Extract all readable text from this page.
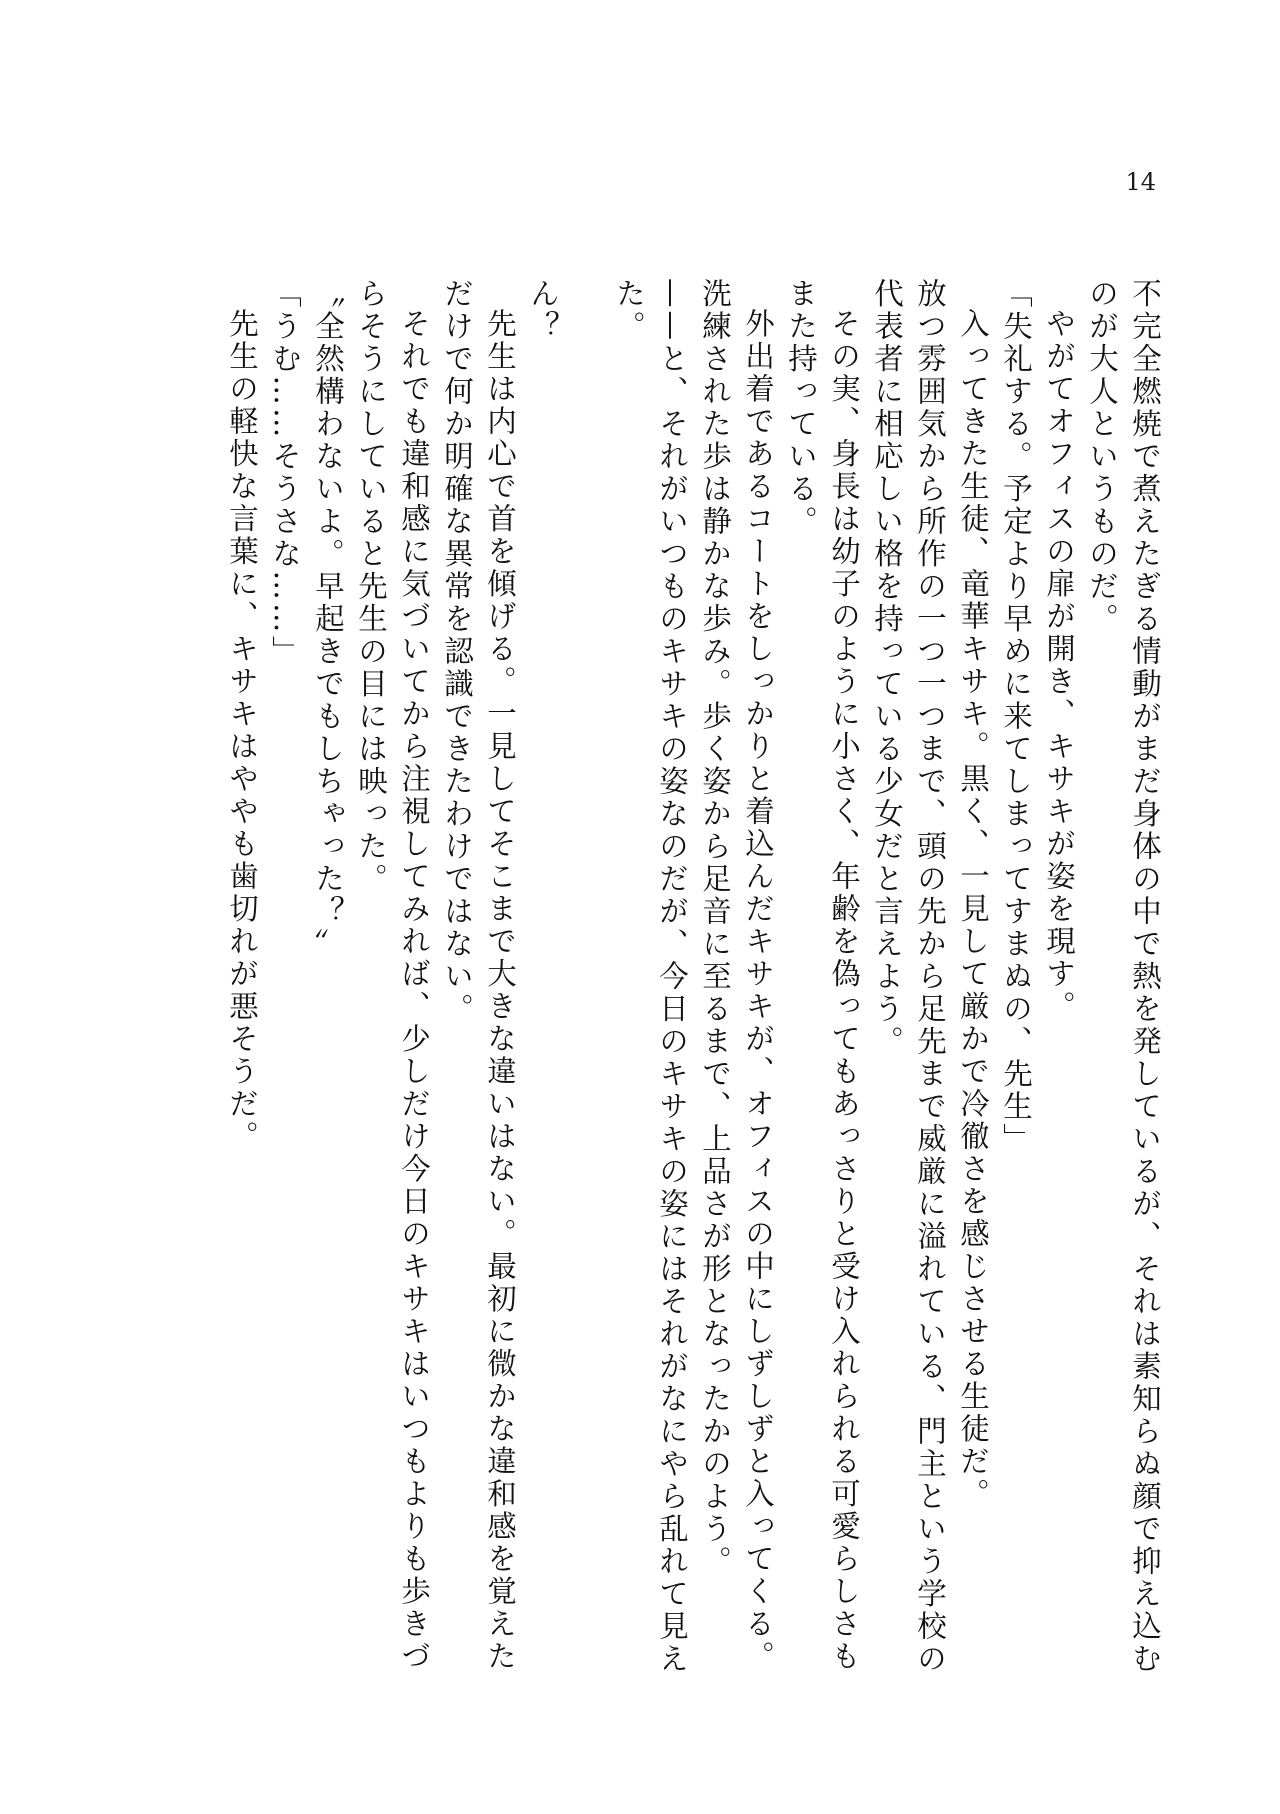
14
不完全燃焼で煮えたぎる情動がまだ身体の中で熱を発しているが、それは素知らぬ顔で抑え込むのが大人というものだ。
やがてオフィスの扉が開き、キサキが姿を現す。
「失礼する。予定より早めに来てしまってすまぬの、先生」
入ってきた生徒、竜華キサキ。黒く、一見して厳かで冷徹さを感じさせる生徒だ。
放つ雰囲気から所作の一つ一つまで、頭の先から足先まで威厳に溢れている、門主という学校の代表者に相応しい格を持っている少女だと言えよう。
その実、身長は幼子のように小さく、年齢を偽ってもあっさりと受け入れられる可愛らしさもまた持っている。
外出着であるコートをしっかりと着込んだキサキが、オフィスの中にしずしずと入ってくる。
洗練された歩は静かな歩み。歩く姿から足音に至るまで、上品さが形となったかのよう。
——と、それがいつものキサキの姿なのだが、今日のキサキの姿にはそれがなにやら乱れて見えた。
ん？
先生は内心で首を傾げる。一見してそこまで大きな違いはない。最初に微かな違和感を覚えただけで何か明確な異常を認識できたわけではない。
それでも違和感に気づいてから注視してみれば、少しだけ今日のキサキはいつもよりも歩きづらそうにしていると先生の目には映った。
〝全然構わないよ。早起きでもしちゃった？〟
「うむ……そうさな……」
先生の軽快な言葉に、キサキはややも歯切れが悪そうだ。
